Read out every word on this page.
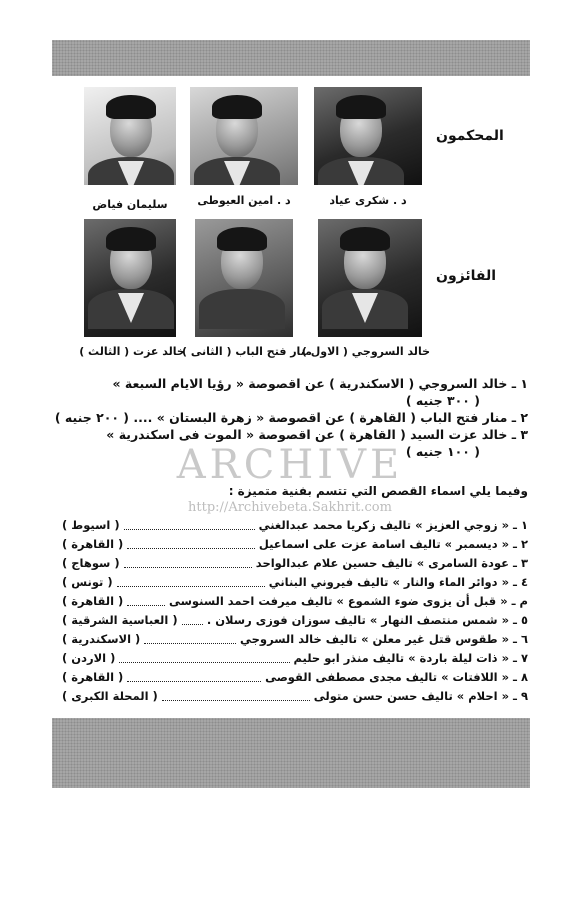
المحكمون
د . شكرى عياد
د . امين العيوطى
سليمان فياض
الفائزون
خالد السروجي ( الاول )
منار فتح الباب ( الثانى )
خالد عزت ( الثالث )
١ ـ خالد السروجي ( الاسكندرية ) عن اقصوصة « رؤيا الايام السبعة »
( ٣٠٠ جنيه )
٢ ـ منار فتح الباب ( القاهرة ) عن اقصوصة « زهرة البستان » .... ( ٢٠٠ جنيه )
٣ ـ خالد عزت السيد ( القاهرة ) عن اقصوصة « الموت فى اسكندرية »
( ١٠٠ جنيه )
ARCHIVE
http://Archivebeta.Sakhrit.com
وفيما يلي اسماء القصص التي تتسم بفنية متميزة :
١ ـ
« زوجي العزيز » تاليف زكريا محمد عبدالغني
( اسيوط )
٢ ـ
« ديسمبر » تاليف اسامة عزت على اسماعيل
( القاهرة )
٣ ـ
عودة السامرى » تاليف حسين علام عبدالواحد
( سوهاج )
٤ ـ
« دوائر الماء والنار » تاليف فيروني البناني
( تونس )
م ـ
« قبل أن يزوى ضوء الشموع » تاليف ميرفت احمد السنوسى
( القاهرة )
٥ ـ
« شمس منتصف النهار » تاليف سوزان فوزى رسلان .
( العباسية الشرقية )
٦ ـ
« طقوس قتل غير معلن » تاليف خالد السروجي
( الاسكندرية )
٧ ـ
« ذات ليلة باردة » تاليف منذر ابو حليم
( الاردن )
٨ ـ
« اللافتات » تاليف مجدى مصطفى القوصى
( القاهرة )
٩ ـ
« احلام » تاليف حسن حسن متولى
( المحلة الكبرى )
